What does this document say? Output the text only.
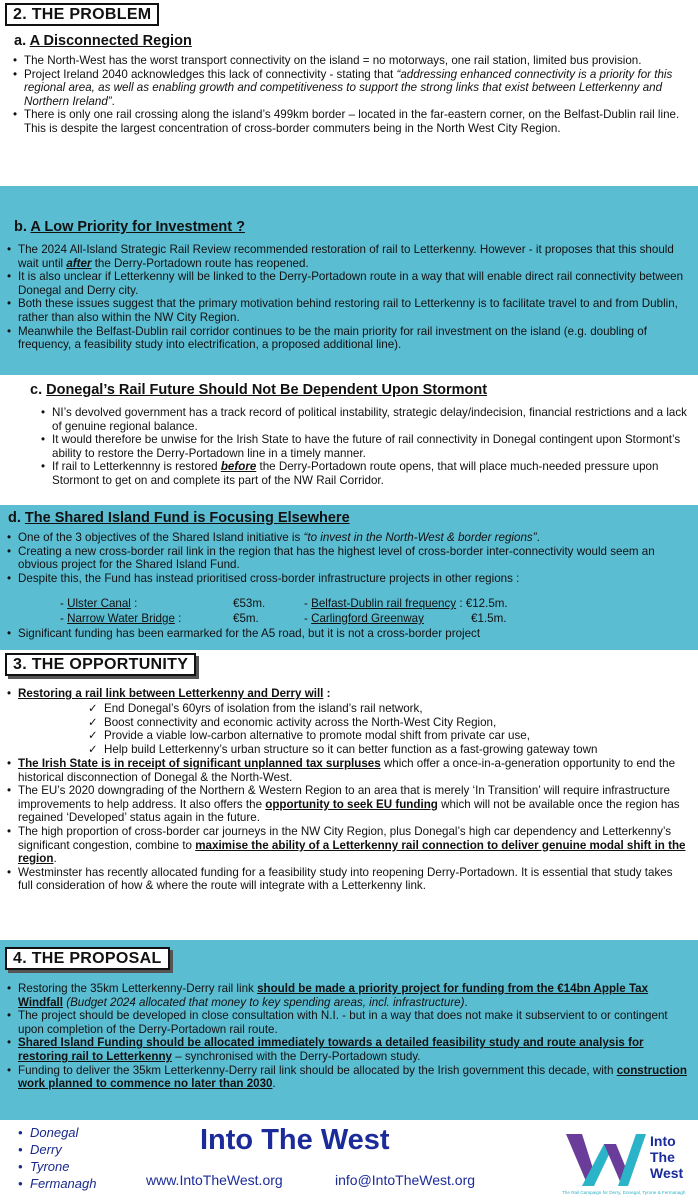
2. THE PROBLEM
a. A Disconnected Region
• The North-West has the worst transport connectivity on the island = no motorways, one rail station, limited bus provision.
• Project Ireland 2040 acknowledges this lack of connectivity - stating that “addressing enhanced connectivity is a priority for this regional area, as well as enabling growth and competitiveness to support the strong links that exist between Letterkenny and Northern Ireland”.
• There is only one rail crossing along the island’s 499km border – located in the far-eastern corner, on the Belfast-Dublin rail line. This is despite the largest concentration of cross-border commuters being in the North West City Region.
b. A Low Priority for Investment ?
• The 2024 All-Island Strategic Rail Review recommended restoration of rail to Letterkenny. However - it proposes that this should wait until after the Derry-Portadown route has reopened.
• It is also unclear if Letterkenny will be linked to the Derry-Portadown route in a way that will enable direct rail connectivity between Donegal and Derry city.
• Both these issues suggest that the primary motivation behind restoring rail to Letterkenny is to facilitate travel to and from Dublin, rather than also within the NW City Region.
• Meanwhile the Belfast-Dublin rail corridor continues to be the main priority for rail investment on the island (e.g. doubling of frequency, a feasibility study into electrification, a proposed additional line).
c. Donegal’s Rail Future Should Not Be Dependent Upon Stormont
• NI’s devolved government has a track record of political instability, strategic delay/indecision, financial restrictions and a lack of genuine regional balance.
• It would therefore be unwise for the Irish State to have the future of rail connectivity in Donegal contingent upon Stormont’s ability to restore the Derry-Portadown line in a timely manner.
• If rail to Letterkennny is restored before the Derry-Portadown route opens, that will place much-needed pressure upon Stormont to get on and complete its part of the NW Rail Corridor.
d. The Shared Island Fund is Focusing Elsewhere
• One of the 3 objectives of the Shared Island initiative is “to invest in the North-West & border regions”.
• Creating a new cross-border rail link in the region that has the highest level of cross-border inter-connectivity would seem an obvious project for the Shared Island Fund.
• Despite this, the Fund has instead prioritised cross-border infrastructure projects in other regions :
- Ulster Canal :	€53m.	- Belfast-Dublin rail frequency : €12.5m.
- Narrow Water Bridge :	€5m.	- Carlingford Greenway	€1.5m.
• Significant funding has been earmarked for the A5 road, but it is not a cross-border project
3. THE OPPORTUNITY
• Restoring a rail link between Letterkenny and Derry will :
✓ End Donegal’s 60yrs of isolation from the island’s rail network,
✓ Boost connectivity and economic activity across the North-West City Region,
✓ Provide a viable low-carbon alternative to promote modal shift from private car use,
✓ Help build Letterkenny’s urban structure so it can better function as a fast-growing gateway town
• The Irish State is in receipt of significant unplanned tax surpluses which offer a once-in-a-generation opportunity to end the historical disconnection of Donegal & the North-West.
• The EU’s 2020 downgrading of the Northern & Western Region to an area that is merely ‘In Transition’ will require infrastructure improvements to help address. It also offers the opportunity to seek EU funding which will not be available once the region has regained ‘Developed’ status again in the future.
• The high proportion of cross-border car journeys in the NW City Region, plus Donegal’s high car dependency and Letterkenny’s significant congestion, combine to maximise the ability of a Letterkenny rail connection to deliver genuine modal shift in the region.
• Westminster has recently allocated funding for a feasibility study into reopening Derry-Portadown. It is essential that study takes full consideration of how & where the route will integrate with a Letterkenny link.
4. THE PROPOSAL
• Restoring the 35km Letterkenny-Derry rail link should be made a priority project for funding from the €14bn Apple Tax Windfall (Budget 2024 allocated that money to key spending areas, incl. infrastructure).
• The project should be developed in close consultation with N.I. - but in a way that does not make it subservient to or contingent upon completion of the Derry-Portadown rail route.
• Shared Island Funding should be allocated immediately towards a detailed feasibility study and route analysis for restoring rail to Letterkenny – synchronised with the Derry-Portadown study.
• Funding to deliver the 35km Letterkenny-Derry rail link should be allocated by the Irish government this decade, with construction work planned to commence no later than 2030.
• Donegal
• Derry
• Tyrone
• Fermanagh
Into The West
www.IntoTheWest.org	info@IntoTheWest.org
Into
The
West
The Rail Campaign for Derry, Donegal, Tyrone & Fermanagh
